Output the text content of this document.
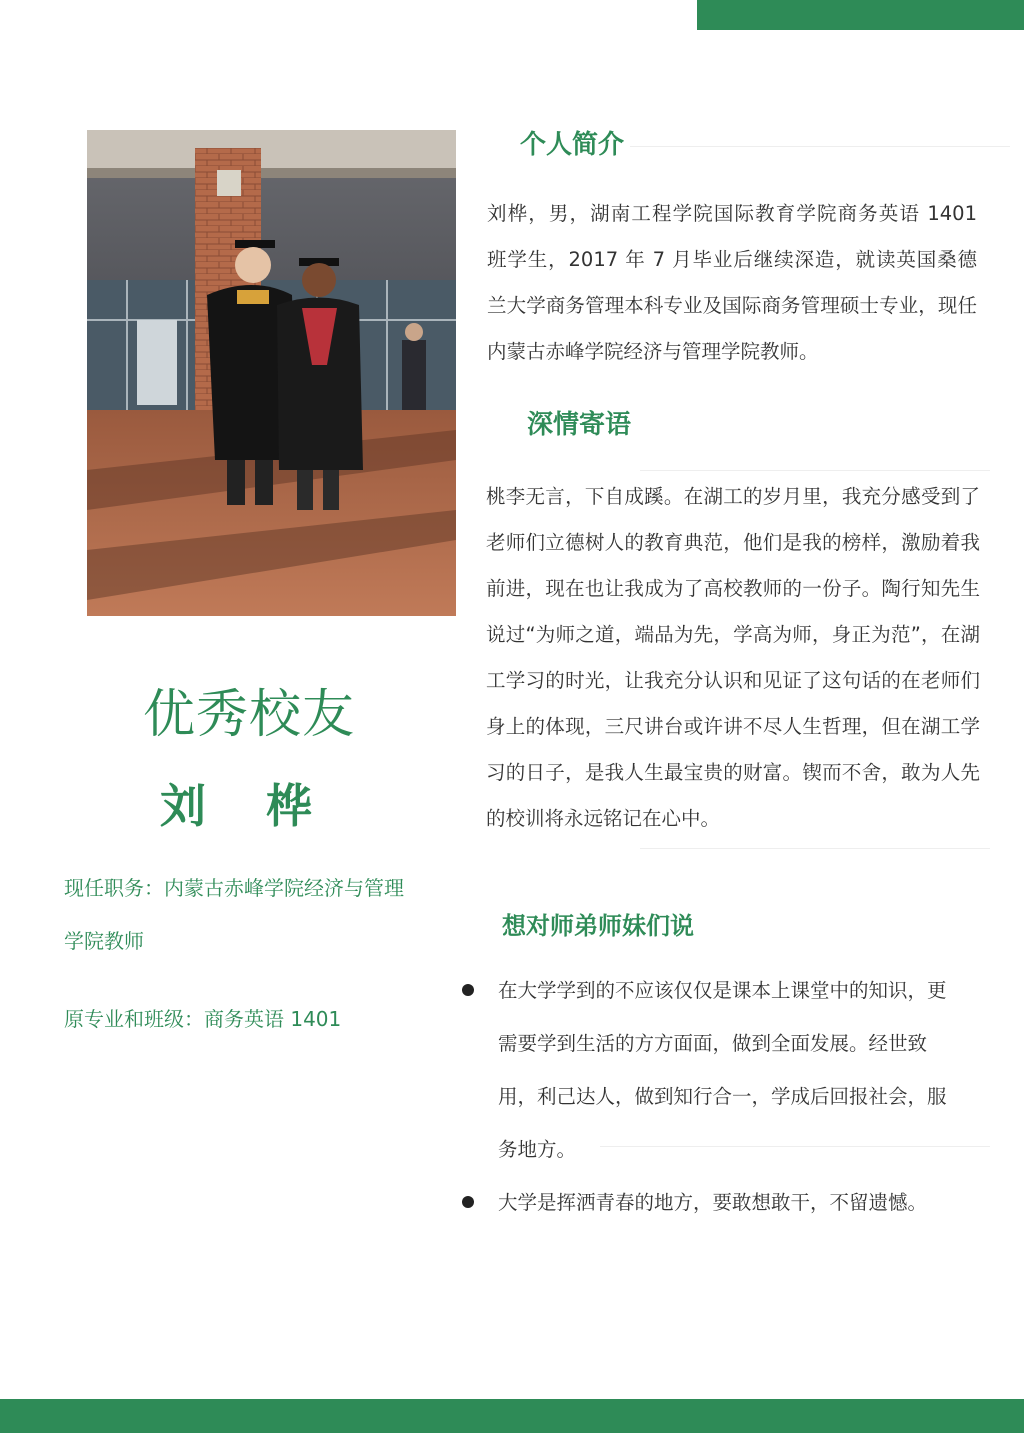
优秀校友
刘 桦
现任职务：内蒙古赤峰学院经济与管理
学院教师
原专业和班级：商务英语 1401
个人简介
刘桦，男，湖南工程学院国际教育学院商务英语 1401 班学生，2017 年 7 月毕业后继续深造，就读英国桑德兰大学商务管理本科专业及国际商务管理硕士专业，现任内蒙古赤峰学院经济与管理学院教师。
深情寄语
桃李无言，下自成蹊。在湖工的岁月里，我充分感受到了老师们立德树人的教育典范，他们是我的榜样，激励着我前进，现在也让我成为了高校教师的一份子。陶行知先生说过“为师之道，端品为先，学高为师，身正为范”，在湖工学习的时光，让我充分认识和见证了这句话的在老师们身上的体现，三尺讲台或许讲不尽人生哲理，但在湖工学习的日子，是我人生最宝贵的财富。锲而不舍，敢为人先的校训将永远铭记在心中。
想对师弟师妹们说
在大学学到的不应该仅仅是课本上课堂中的知识，更需要学到生活的方方面面，做到全面发展。经世致用，利己达人，做到知行合一，学成后回报社会，服务地方。
大学是挥洒青春的地方，要敢想敢干，不留遗憾。
